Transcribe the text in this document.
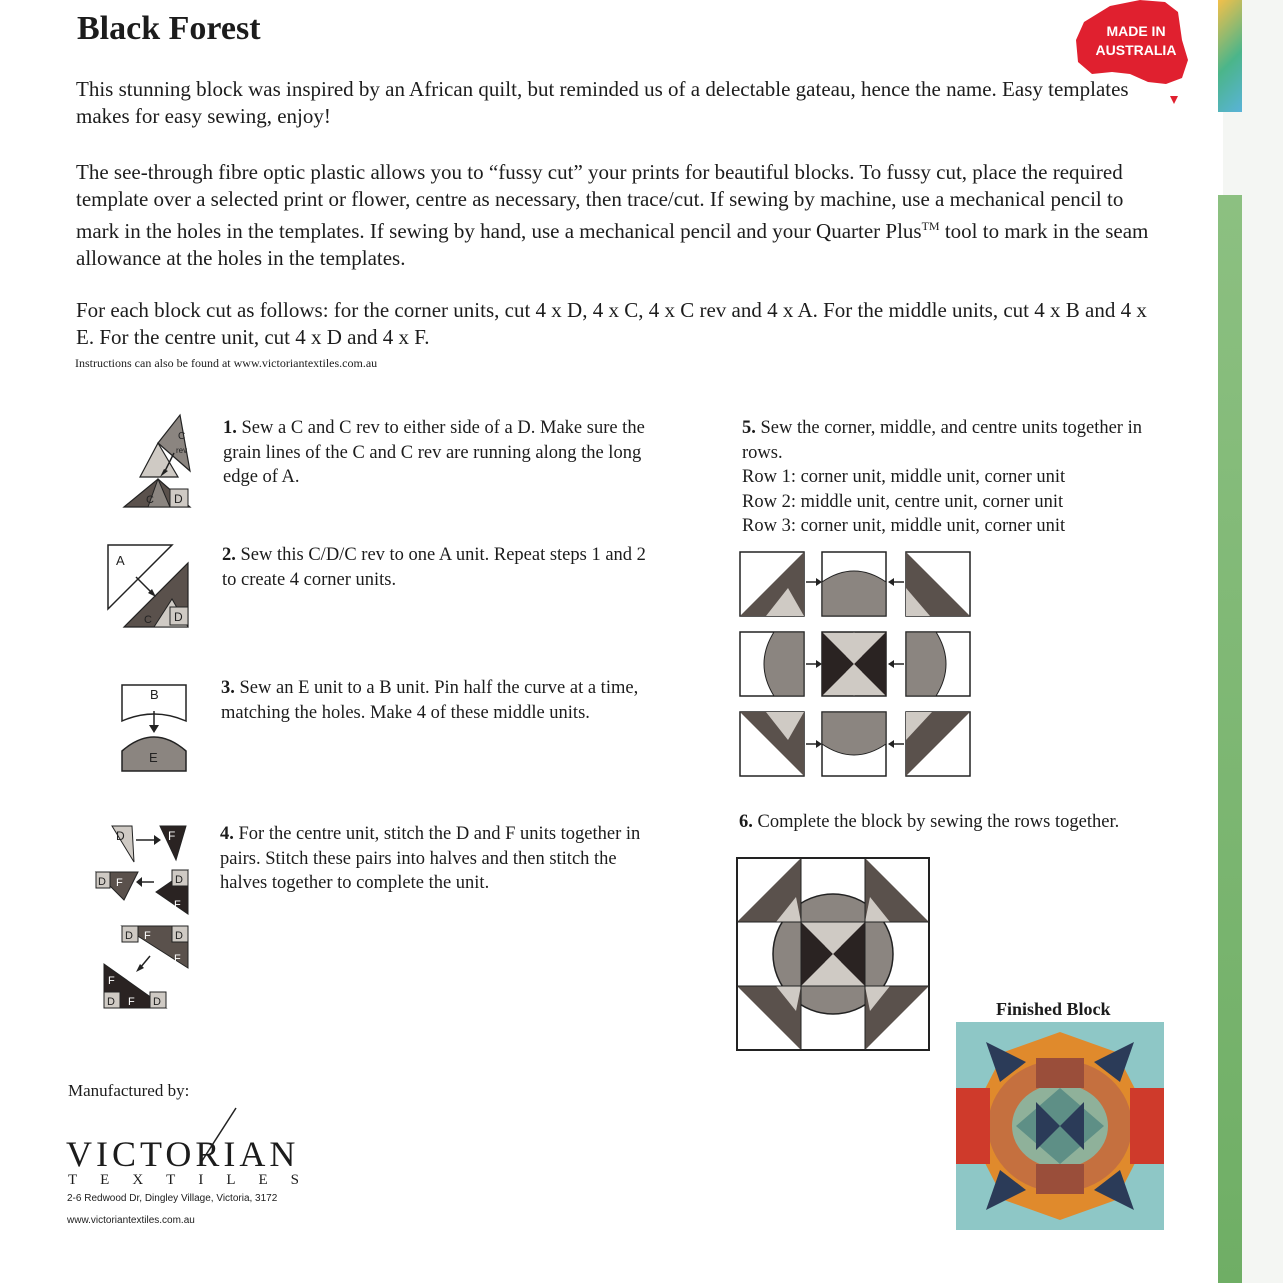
Black Forest	MADE IN
AUSTRALIA

This stunning block was inspired by an African quilt, but reminded us of a delectable gateau, hence the name. Easy templates makes for easy sewing, enjoy!

The see-through fibre optic plastic allows you to “fussy cut” your prints for beautiful blocks. To fussy cut, place the required template over a selected print or flower, centre as necessary, then trace/cut. If sewing by machine, use a mechanical pencil to mark in the holes in the templates. If sewing by hand, use a mechanical pencil and your Quarter Plus™ tool to mark in the seam allowance at the holes in the templates.

For each block cut as follows: for the corner units, cut 4 x D, 4 x C, 4 x C rev and 4 x A. For the middle units, cut 4 x B and 4 x E. For the centre unit, cut 4 x D and 4 x F.

Instructions can also be found at www.victoriantextiles.com.au

1. Sew a C and C rev to either side of a D. Make sure the grain lines of the C and C rev are running along the long edge of A.

2. Sew this C/D/C rev to one A unit. Repeat steps 1 and 2 to create 4 corner units.

3. Sew an E unit to a B unit. Pin half the curve at a time, matching the holes. Make 4 of these middle units.

4. For the centre unit, stitch the D and F units together in pairs. Stitch these pairs into halves and then stitch the halves together to complete the unit.

5. Sew the corner, middle, and centre units together in rows.
Row 1: corner unit, middle unit, corner unit
Row 2: middle unit, centre unit, corner unit
Row 3: corner unit, middle unit, corner unit

6. Complete the block by sewing the rows together.

C
rev
C D
A
C D
B
E
D	F
D F	D
F
D F D
F
F
D F D	Finished Block

Manufactured by:

VICTORIAN

TEXTILES

2-6 Redwood Dr, Dingley Village, Victoria, 3172

www.victoriantextiles.com.au
